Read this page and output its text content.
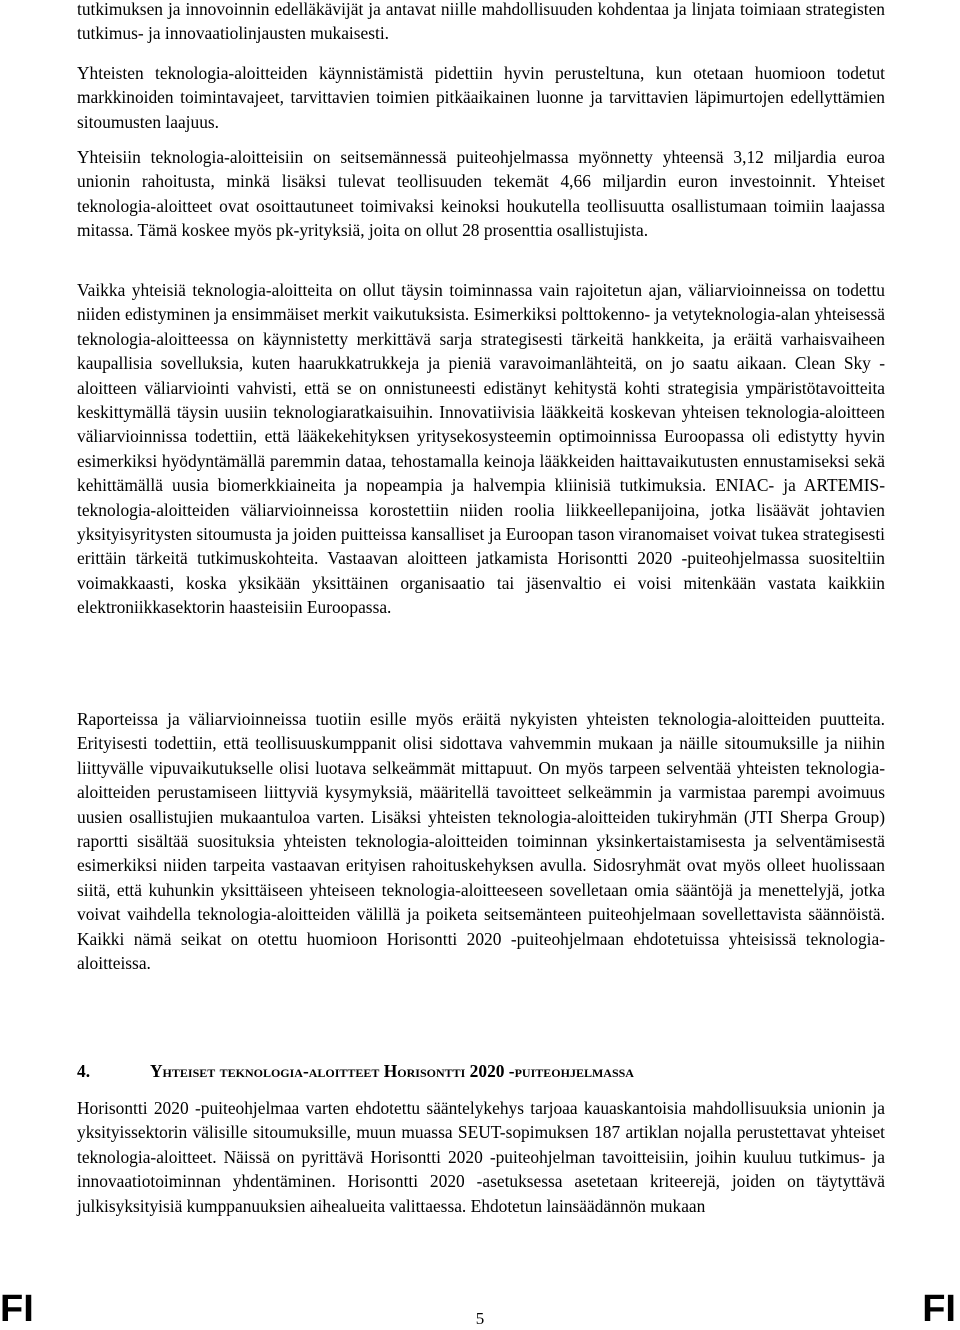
tutkimuksen ja innovoinnin edelläkävijät ja antavat niille mahdollisuuden kohdentaa ja linjata toimiaan strategisten tutkimus- ja innovaatiolinjausten mukaisesti.

Yhteisten teknologia-aloitteiden käynnistämistä pidettiin hyvin perusteltuna, kun otetaan huomioon todetut markkinoiden toimintavajeet, tarvittavien toimien pitkäaikainen luonne ja tarvittavien läpimurtojen edellyttämien sitoumusten laajuus.

Yhteisiin teknologia-aloitteisiin on seitsemännessä puiteohjelmassa myönnetty yhteensä 3,12 miljardia euroa unionin rahoitusta, minkä lisäksi tulevat teollisuuden tekemät 4,66 miljardin euron investoinnit. Yhteiset teknologia-aloitteet ovat osoittautuneet toimivaksi keinoksi houkutella teollisuutta osallistumaan toimiin laajassa mitassa. Tämä koskee myös pk-yrityksiä, joita on ollut 28 prosenttia osallistujista.

Vaikka yhteisiä teknologia-aloitteita on ollut täysin toiminnassa vain rajoitetun ajan, väliarvioinneissa on todettu niiden edistyminen ja ensimmäiset merkit vaikutuksista. Esimerkiksi polttokenno- ja vetyteknologia-alan yhteisessä teknologia-aloitteessa on käynnistetty merkittävä sarja strategisesti tärkeitä hankkeita, ja eräitä varhaisvaiheen kaupallisia sovelluksia, kuten haarukkatrukkeja ja pieniä varavoimanlähteitä, on jo saatu aikaan. Clean Sky -aloitteen väliarviointi vahvisti, että se on onnistuneesti edistänyt kehitystä kohti strategisia ympäristötavoitteita keskittymällä täysin uusiin teknologiaratkaisuihin. Innovatiivisia lääkkeitä koskevan yhteisen teknologia-aloitteen väliarvioinnissa todettiin, että lääkekehityksen yritysekosysteemin optimoinnissa Euroopassa oli edistytty hyvin esimerkiksi hyödyntämällä paremmin dataa, tehostamalla keinoja lääkkeiden haittavaikutusten ennustamiseksi sekä kehittämällä uusia biomerkkiaineita ja nopeampia ja halvempia kliinisiä tutkimuksia. ENIAC- ja ARTEMIS-teknologia-aloitteiden väliarvioinneissa korostettiin niiden roolia liikkeellepanijoina, jotka lisäävät johtavien yksityisyritysten sitoumusta ja joiden puitteissa kansalliset ja Euroopan tason viranomaiset voivat tukea strategisesti erittäin tärkeitä tutkimuskohteita. Vastaavan aloitteen jatkamista Horisontti 2020 -puiteohjelmassa suositeltiin voimakkaasti, koska yksikään yksittäinen organisaatio tai jäsenvaltio ei voisi mitenkään vastata kaikkiin elektroniikkasektorin haasteisiin Euroopassa.

Raporteissa ja väliarvioinneissa tuotiin esille myös eräitä nykyisten yhteisten teknologia-aloitteiden puutteita. Erityisesti todettiin, että teollisuuskumppanit olisi sidottava vahvemmin mukaan ja näille sitoumuksille ja niihin liittyvälle vipuvaikutukselle olisi luotava selkeämmät mittapuut. On myös tarpeen selventää yhteisten teknologia-aloitteiden perustamiseen liittyviä kysymyksiä, määritellä tavoitteet selkeämmin ja varmistaa parempi avoimuus uusien osallistujien mukaantuloa varten. Lisäksi yhteisten teknologia-aloitteiden tukiryhmän (JTI Sherpa Group) raportti sisältää suosituksia yhteisten teknologia-aloitteiden toiminnan yksinkertaistamisesta ja selventämisestä esimerkiksi niiden tarpeita vastaavan erityisen rahoituskehyksen avulla. Sidosryhmät ovat myös olleet huolissaan siitä, että kuhunkin yksittäiseen yhteiseen teknologia-aloitteeseen sovelletaan omia sääntöjä ja menettelyjä, jotka voivat vaihdella teknologia-aloitteiden välillä ja poiketa seitsemänteen puiteohjelmaan sovellettavista säännöistä. Kaikki nämä seikat on otettu huomioon Horisontti 2020 -puiteohjelmaan ehdotetuissa yhteisissä teknologia-aloitteissa.

4.	Yhteiset teknologia-aloitteet Horisontti 2020 -puiteohjelmassa

Horisontti 2020 -puiteohjelmaa varten ehdotettu sääntelykehys tarjoaa kauaskantoisia mahdollisuuksia unionin ja yksityissektorin välisille sitoumuksille, muun muassa SEUT-sopimuksen 187 artiklan nojalla perustettavat yhteiset teknologia-aloitteet. Näissä on pyrittävä Horisontti 2020 -puiteohjelman tavoitteisiin, joihin kuuluu tutkimus- ja innovaatiotoiminnan yhdentäminen. Horisontti 2020 -asetuksessa asetetaan kriteerejä, joiden on täytyttävä julkisyksityisiä kumppanuuksien aihealueita valittaessa. Ehdotetun lainsäädännön mukaan

FI	5	FI
